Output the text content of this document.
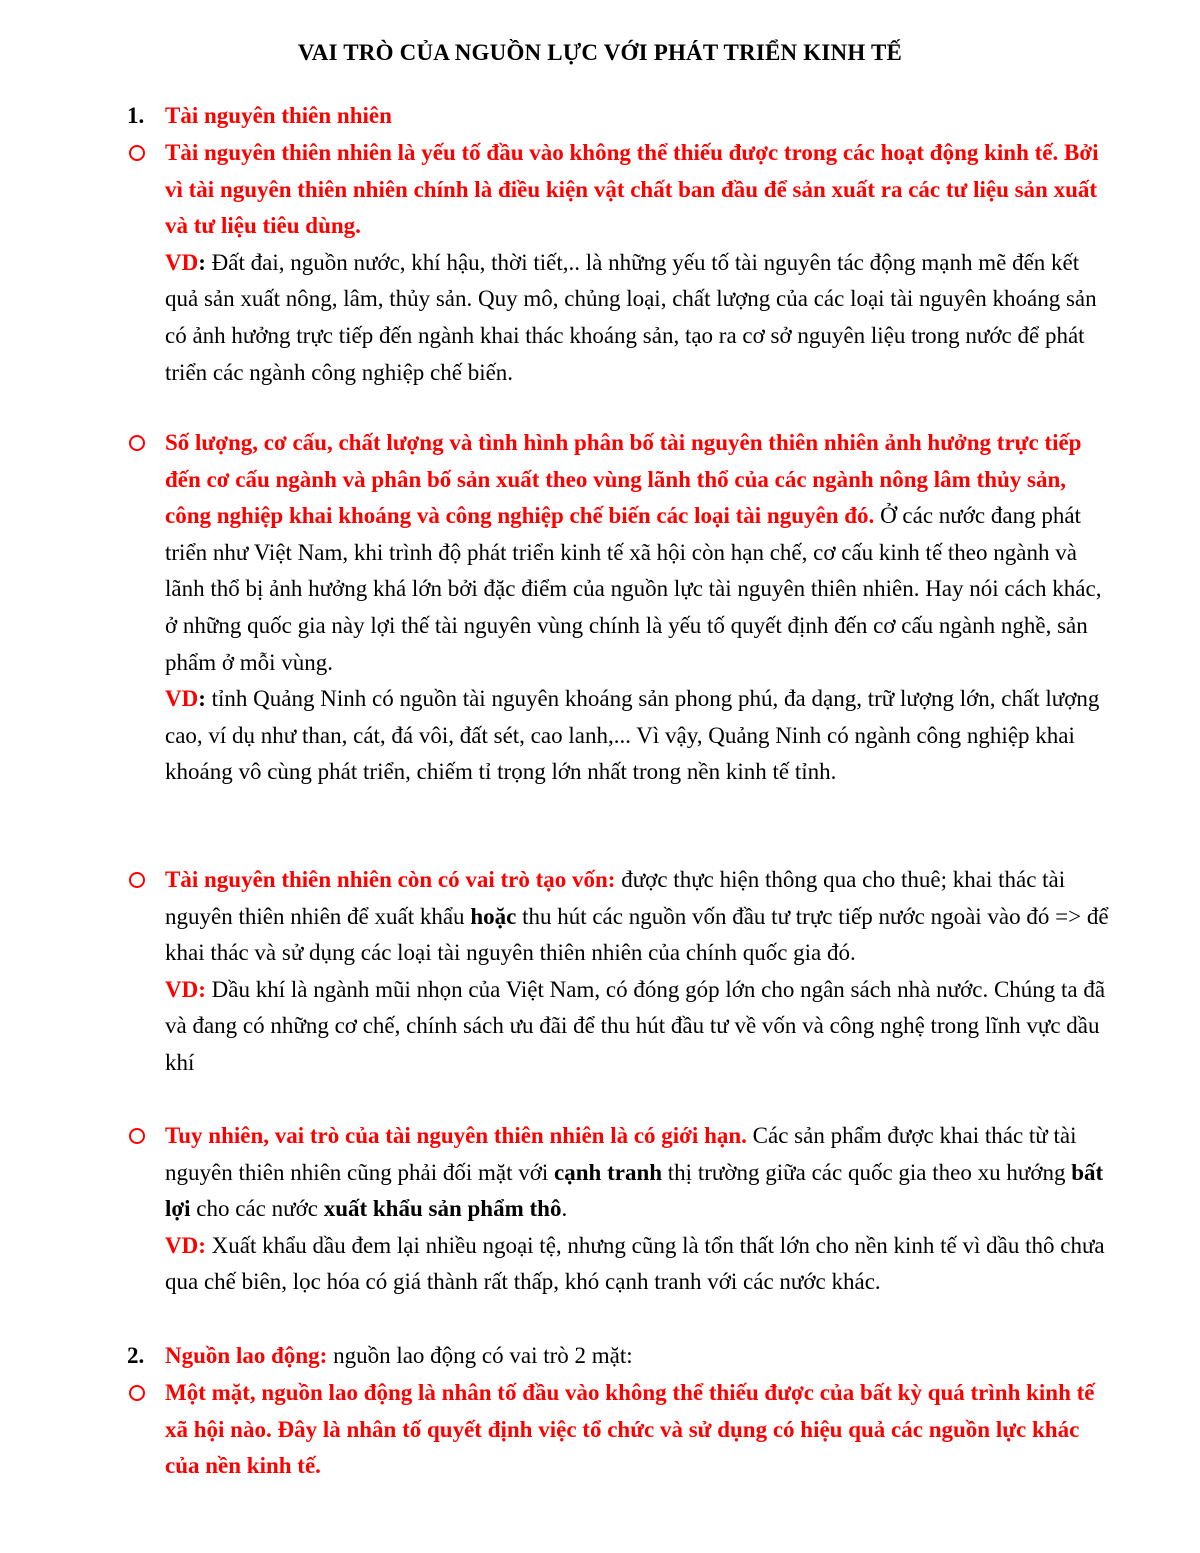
VAI TRÒ CỦA NGUỒN LỰC VỚI PHÁT TRIỂN KINH TẾ
1. Tài nguyên thiên nhiên

Tài nguyên thiên nhiên là yếu tố đầu vào không thể thiếu được trong các hoạt động kinh tế. Bởi vì tài nguyên thiên nhiên chính là điều kiện vật chất ban đầu để sản xuất ra các tư liệu sản xuất và tư liệu tiêu dùng.

VD: Đất đai, nguồn nước, khí hậu, thời tiết,.. là những yếu tố tài nguyên tác động mạnh mẽ đến kết quả sản xuất nông, lâm, thủy sản. Quy mô, chủng loại, chất lượng của các loại tài nguyên khoáng sản có ảnh hưởng trực tiếp đến ngành khai thác khoáng sản, tạo ra cơ sở nguyên liệu trong nước để phát triển các ngành công nghiệp chế biến.

Số lượng, cơ cấu, chất lượng và tình hình phân bố tài nguyên thiên nhiên ảnh hưởng trực tiếp đến cơ cấu ngành và phân bố sản xuất theo vùng lãnh thổ của các ngành nông lâm thủy sản, công nghiệp khai khoáng và công nghiệp chế biến các loại tài nguyên đó. Ở các nước đang phát triển như Việt Nam, khi trình độ phát triển kinh tế xã hội còn hạn chế, cơ cấu kinh tế theo ngành và lãnh thổ bị ảnh hưởng khá lớn bởi đặc điểm của nguồn lực tài nguyên thiên nhiên. Hay nói cách khác, ở những quốc gia này lợi thế tài nguyên vùng chính là yếu tố quyết định đến cơ cấu ngành nghề, sản phẩm ở mỗi vùng.

VD: tỉnh Quảng Ninh có nguồn tài nguyên khoáng sản phong phú, đa dạng, trữ lượng lớn, chất lượng cao, ví dụ như than, cát, đá vôi, đất sét, cao lanh,... Vì vậy, Quảng Ninh có ngành công nghiệp khai khoáng vô cùng phát triển, chiếm tỉ trọng lớn nhất trong nền kinh tế tỉnh.

Tài nguyên thiên nhiên còn có vai trò tạo vốn: được thực hiện thông qua cho thuê; khai thác tài nguyên thiên nhiên để xuất khẩu hoặc thu hút các nguồn vốn đầu tư trực tiếp nước ngoài vào đó => để khai thác và sử dụng các loại tài nguyên thiên nhiên của chính quốc gia đó.

VD: Dầu khí là ngành mũi nhọn của Việt Nam, có đóng góp lớn cho ngân sách nhà nước. Chúng ta đã và đang có những cơ chế, chính sách ưu đãi để thu hút đầu tư về vốn và công nghệ trong lĩnh vực dầu khí

Tuy nhiên, vai trò của tài nguyên thiên nhiên là có giới hạn. Các sản phẩm được khai thác từ tài nguyên thiên nhiên cũng phải đối mặt với cạnh tranh thị trường giữa các quốc gia theo xu hướng bất lợi cho các nước xuất khẩu sản phẩm thô.

VD: Xuất khẩu dầu đem lại nhiều ngoại tệ, nhưng cũng là tổn thất lớn cho nền kinh tế vì dầu thô chưa qua chế biên, lọc hóa có giá thành rất thấp, khó cạnh tranh với các nước khác.

2. Nguồn lao động: nguồn lao động có vai trò 2 mặt:

Một mặt, nguồn lao động là nhân tố đầu vào không thể thiếu được của bất kỳ quá trình kinh tế xã hội nào. Đây là nhân tố quyết định việc tổ chức và sử dụng có hiệu quả các nguồn lực khác của nền kinh tế.
